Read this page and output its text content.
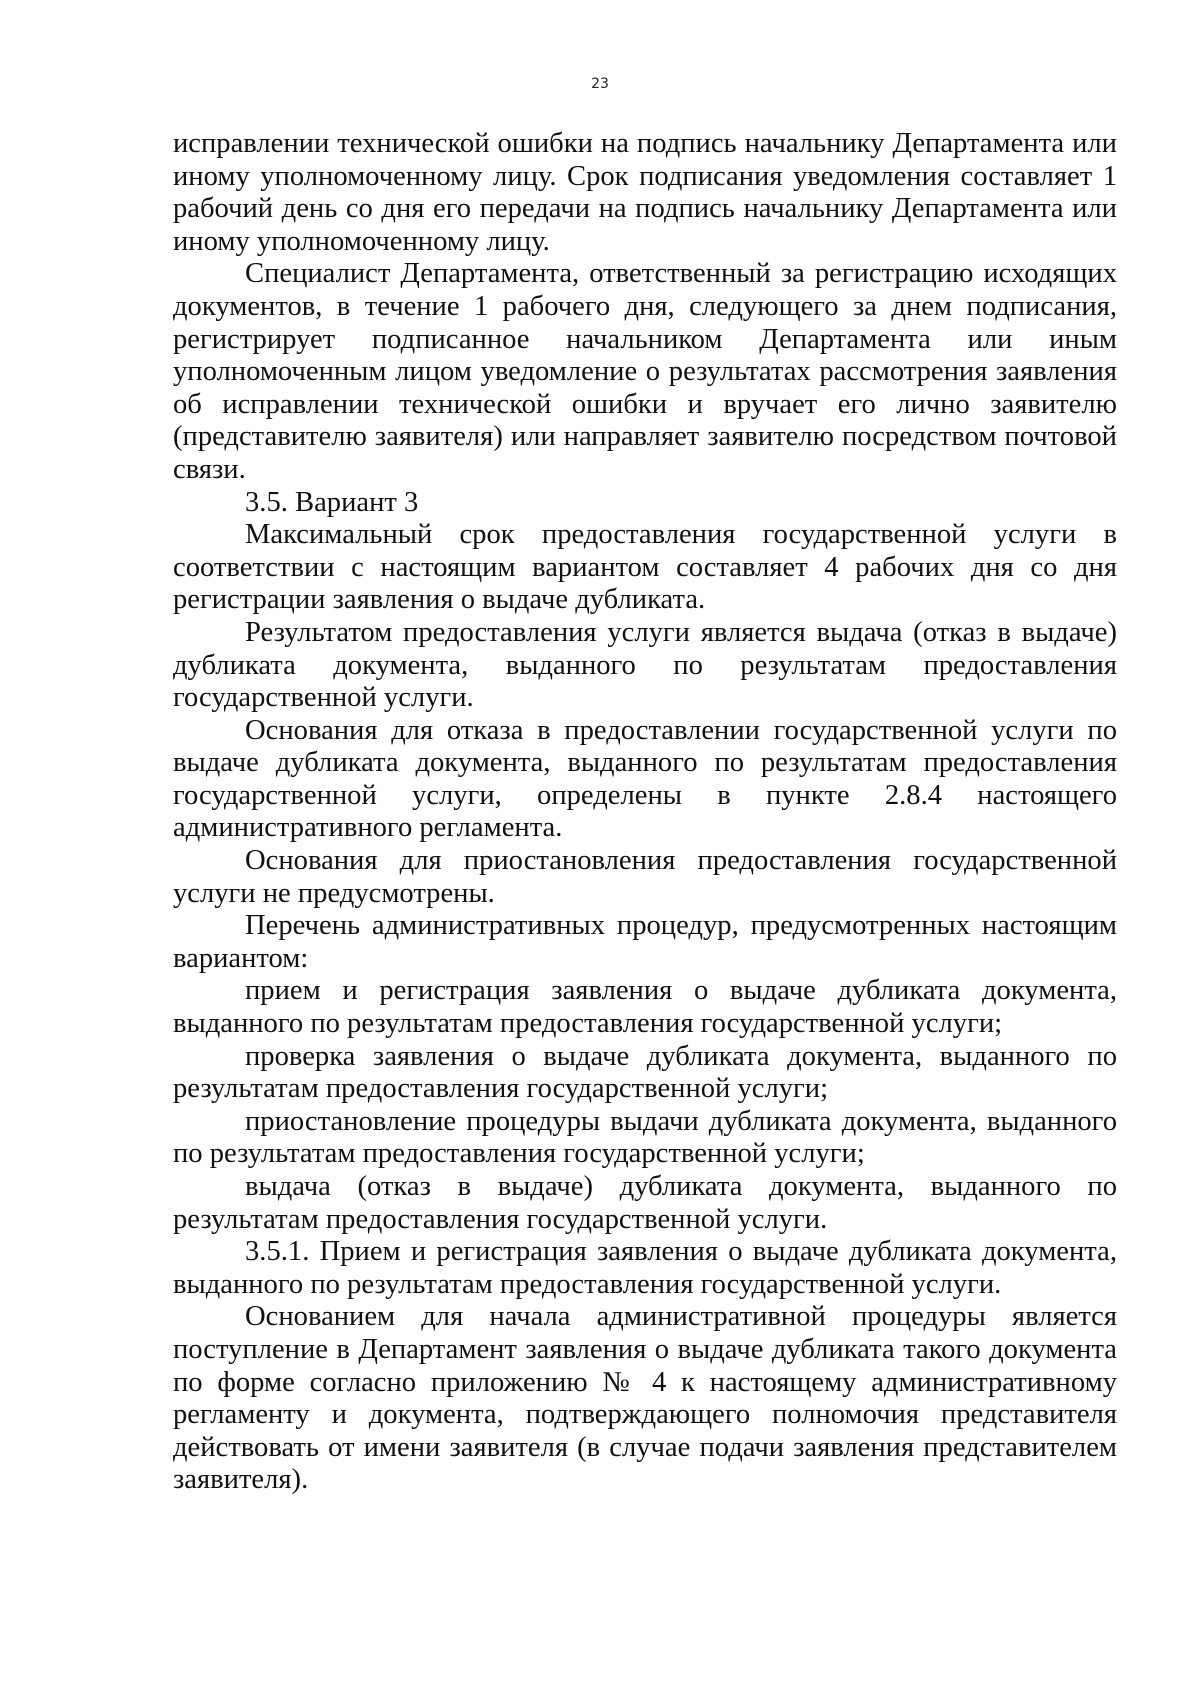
23

исправлении технической ошибки на подпись начальнику Департамента или иному уполномоченному лицу. Срок подписания уведомления составляет 1 рабочий день со дня его передачи на подпись начальнику Департамента или иному уполномоченному лицу.

Специалист Департамента, ответственный за регистрацию исходящих документов, в течение 1 рабочего дня, следующего за днем подписания, регистрирует подписанное начальником Департамента или иным уполномоченным лицом уведомление о результатах рассмотрения заявления об исправлении технической ошибки и вручает его лично заявителю (представителю заявителя) или направляет заявителю посредством почтовой связи.

3.5. Вариант 3

Максимальный срок предоставления государственной услуги в соответствии с настоящим вариантом составляет 4 рабочих дня со дня регистрации заявления о выдаче дубликата.

Результатом предоставления услуги является выдача (отказ в выдаче) дубликата документа, выданного по результатам предоставления государственной услуги.

Основания для отказа в предоставлении государственной услуги по выдаче дубликата документа, выданного по результатам предоставления государственной услуги, определены в пункте 2.8.4 настоящего административного регламента.

Основания для приостановления предоставления государственной услуги не предусмотрены.

Перечень административных процедур, предусмотренных настоящим вариантом:

прием и регистрация заявления о выдаче дубликата документа, выданного по результатам предоставления государственной услуги;

проверка заявления о выдаче дубликата документа, выданного по результатам предоставления государственной услуги;

приостановление процедуры выдачи дубликата документа, выданного по результатам предоставления государственной услуги;

выдача (отказ в выдаче) дубликата документа, выданного по результатам предоставления государственной услуги.

3.5.1. Прием и регистрация заявления о выдаче дубликата документа, выданного по результатам предоставления государственной услуги.

Основанием для начала административной процедуры является поступление в Департамент заявления о выдаче дубликата такого документа по форме согласно приложению № 4 к настоящему административному регламенту и документа, подтверждающего полномочия представителя действовать от имени заявителя (в случае подачи заявления представителем заявителя).
